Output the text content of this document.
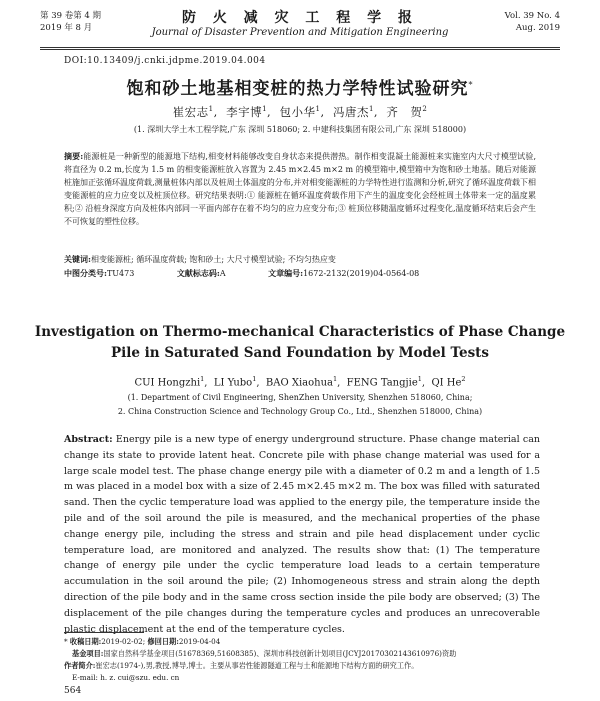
第 39 卷第 4 期
2019 年 8 月
防 火 减 灾 工 程 学 报
Journal of Disaster Prevention and Mitigation Engineering
Vol. 39 No. 4
Aug. 2019
DOI:10.13409/j.cnki.jdpme.2019.04.004
饱和砂土地基相变桩的热力学特性试验研究*
崔宏志$^1$,  李宇博$^1$,  包小华$^1$,  冯唐杰$^1$,  齐　贺$^2$
(1. 深圳大学土木工程学院,广东 深圳 518060; 2. 中建科技集团有限公司,广东 深圳 518000)
摘要:能源桩是一种新型的能源地下结构,相变材料能够改变自身状态来提供潜热。制作相变混凝土能源桩来实施室内大尺寸模型试验,将直径为 0.2 m,长度为 1.5 m 的相变能源桩放入容置为 2.45 m×2.45 m×2 m 的模型箱中,模型箱中为饱和砂土地基。随后对能源桩施加正弦循环温度荷载,测量桩体内部以及桩周土体温度的分布,并对相变能源桩的力学特性进行监测和分析,研究了循环温度荷载下相变能源桩的应力应变以及桩顶位移。研究结果表明:① 能源桩在循环温度荷载作用下产生的温度变化会经桩周土体带来一定的温度累积;② 沿桩身深度方向及桩体内部同一平面内部存在着不均匀的应力应变分布;③ 桩顶位移随温度循环过程变化,温度循环结束后会产生不可恢复的塑性位移。
关键词:相变能源桩; 循环温度荷载; 饱和砂土; 大尺寸模型试验; 不均匀热应变
中图分类号:TU473	文献标志码:A	文章编号:1672-2132(2019)04-0564-08
Investigation on Thermo-mechanical Characteristics of Phase Change
Pile in Saturated Sand Foundation by Model Tests
CUI Hongzhi$^1$,  LI Yubo$^1$,  BAO Xiaohua$^1$,  FENG Tangjie$^1$,  QI He$^2$
(1. Department of Civil Engineering, ShenZhen University, Shenzhen 518060, China;
2. China Construction Science and Technology Group Co., Ltd., Shenzhen 518000, China)
Abstract: Energy pile is a new type of energy underground structure. Phase change material can change its state to provide latent heat. Concrete pile with phase change material was used for a large scale model test. The phase change energy pile with a diameter of 0.2 m and a length of 1.5 m was placed in a model box with a size of 2.45 m×2.45 m×2 m. The box was filled with saturated sand. Then the cyclic temperature load was applied to the energy pile, the temperature inside the pile and of the soil around the pile is measured, and the mechanical properties of the phase change energy pile, including the stress and strain and pile head displacement under cyclic temperature load, are monitored and analyzed. The results show that: (1) The temperature change of energy pile under the cyclic temperature load leads to a certain temperature accumulation in the soil around the pile; (2) Inhomogeneous stress and strain along the depth direction of the pile body and in the same cross section inside the pile body are observed; (3) The displacement of the pile changes during the temperature cycles and produces an unrecoverable plastic displacement at the end of the temperature cycles.
* 收稿日期:2019-02-02; 修回日期:2019-04-04
基金项目:国家自然科学基金项目(51678369,51608385)、深圳市科技创新计划项目(JCYJ20170302143610976)资助
作者简介:崔宏志(1974-),男,教授,博导,博士。主要从事岩性能源隧道工程与土和能源地下结构方面的研究工作。
E-mail: h. z. cui@szu. edu. cn
564
